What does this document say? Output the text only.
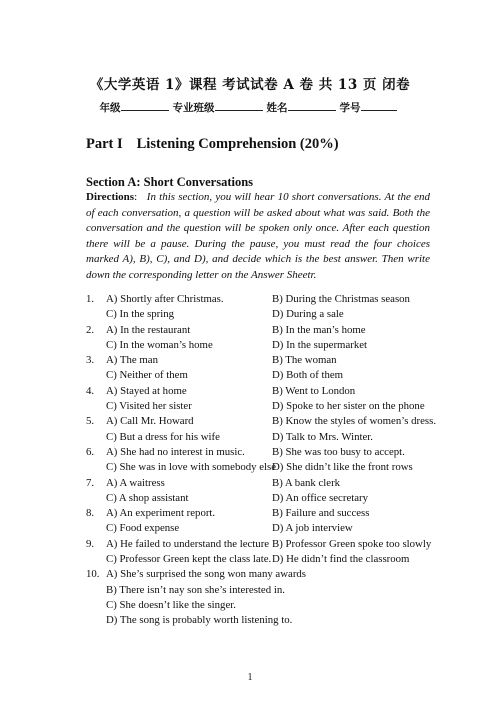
《大学英语 1》课程 考试试卷 A 卷 共 13 页 闭卷
年级	专业班级	姓名	学号
Part I Listening Comprehension (20%)
Section A: Short Conversations
Directions:   In this section, you will hear 10 short conversations. At the end of each conversation, a question will be asked about what was said. Both the conversation and the question will be spoken only once. After each question there will be a pause. During the pause, you must read the four choices marked A), B), C), and D), and decide which is the best answer. Then write down the corresponding letter on the Answer Sheetr.
1. A) Shortly after Christmas.	B) During the Christmas season
C) In the spring	D) During a sale
2. A) In the restaurant	B) In the man’s home
C) In the woman’s home	D) In the supermarket
3. A) The man	B) The woman
C) Neither of them	D) Both of them
4. A) Stayed at home	B) Went to London
C) Visited her sister	D) Spoke to her sister on the phone
5. A) Call Mr. Howard	B) Know the styles of women’s dress.
C) But a dress for his wife	D) Talk to Mrs. Winter.
6. A) She had no interest in music.	B) She was too busy to accept.
C) She was in love with somebody else
D) She didn’t like the front rows
7. A) A waitress	B) A bank clerk
C) A shop assistant	D) An office secretary
8. A) An experiment report.	B) Failure and success
C) Food expense	D) A job interview
9. A) He failed to understand the lecture B) Professor Green spoke too slowly
C) Professor Green kept the class late. D) He didn’t find the classroom
10. A) She’s surprised the song won many awards
B) There isn’t nay son she’s interested in.
C) She doesn’t like the singer.
D) The song is probably worth listening to.
1
